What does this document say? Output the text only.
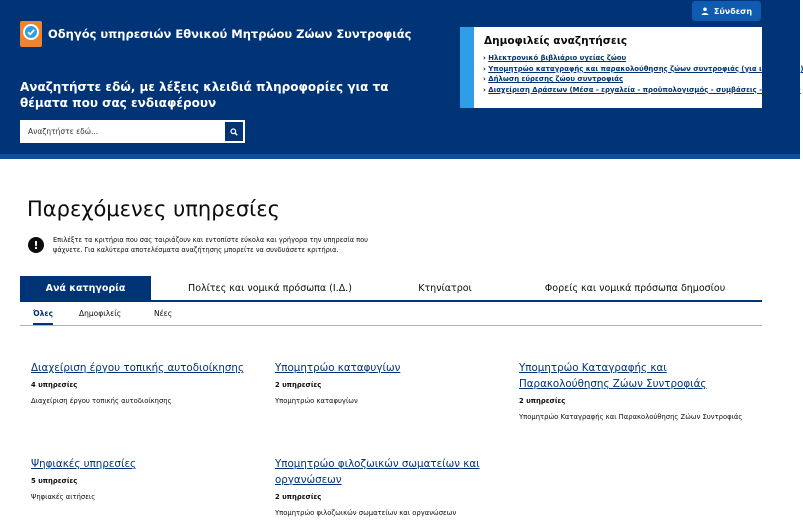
Οδηγός υπηρεσιών Εθνικού Μητρώου Ζώων Συντροφιάς
Σύνδεση
Αναζητήστε εδώ, με λέξεις κλειδιά πληροφορίες για τα θέματα που σας ενδιαφέρουν
Αναζητήστε εδώ...
Δημοφιλείς αναζητήσεις
› Ηλεκτρονικό βιβλιάριο υγείας ζώου
› Υπομητρώο καταγραφής και παρακολούθησης ζώων συντροφιάς (για ιδιοκτήτες)
› Δήλωση εύρεσης ζώου συντροφιάς
› Διαχείριση Δράσεων (Μέσα - εργαλεία - προϋπολογισμός - συμβάσεις - εκθέσεις)
Παρεχόμενες υπηρεσίες
!	Επιλέξτε τα κριτήρια που σας ταιριάζουν και εντοπίστε εύκολα και γρήγορα την υπηρεσία που ψάχνετε. Για καλύτερα αποτελέσματα αναζήτησης μπορείτε να συνδυάσετε κριτήρια.
Ανά κατηγορία	Πολίτες και νομικά πρόσωπα (Ι.Δ.)	Κτηνίατροι	Φορείς και νομικά πρόσωπα δημοσίου
Όλες	Δημοφιλείς	Νέες
Διαχείριση έργου τοπικής αυτοδιοίκησης
4 υπηρεσίες
Διαχείριση έργου τοπικής αυτοδιοίκησης
Υπομητρώο καταφυγίων
2 υπηρεσίες
Υπομητρώο καταφυγίων
Υπομητρώο Καταγραφής και Παρακολούθησης Ζώων Συντροφιάς
2 υπηρεσίες
Υπομητρώο Καταγραφής και Παρακολούθησης Ζώων Συντροφιάς
Ψηφιακές υπηρεσίες
5 υπηρεσίες
Ψηφιακές αιτήσεις
Υπομητρώο φιλοζωικών σωματείων και οργανώσεων
2 υπηρεσίες
Υπομητρώο φιλοζωικών σωματείων και οργανώσεων
